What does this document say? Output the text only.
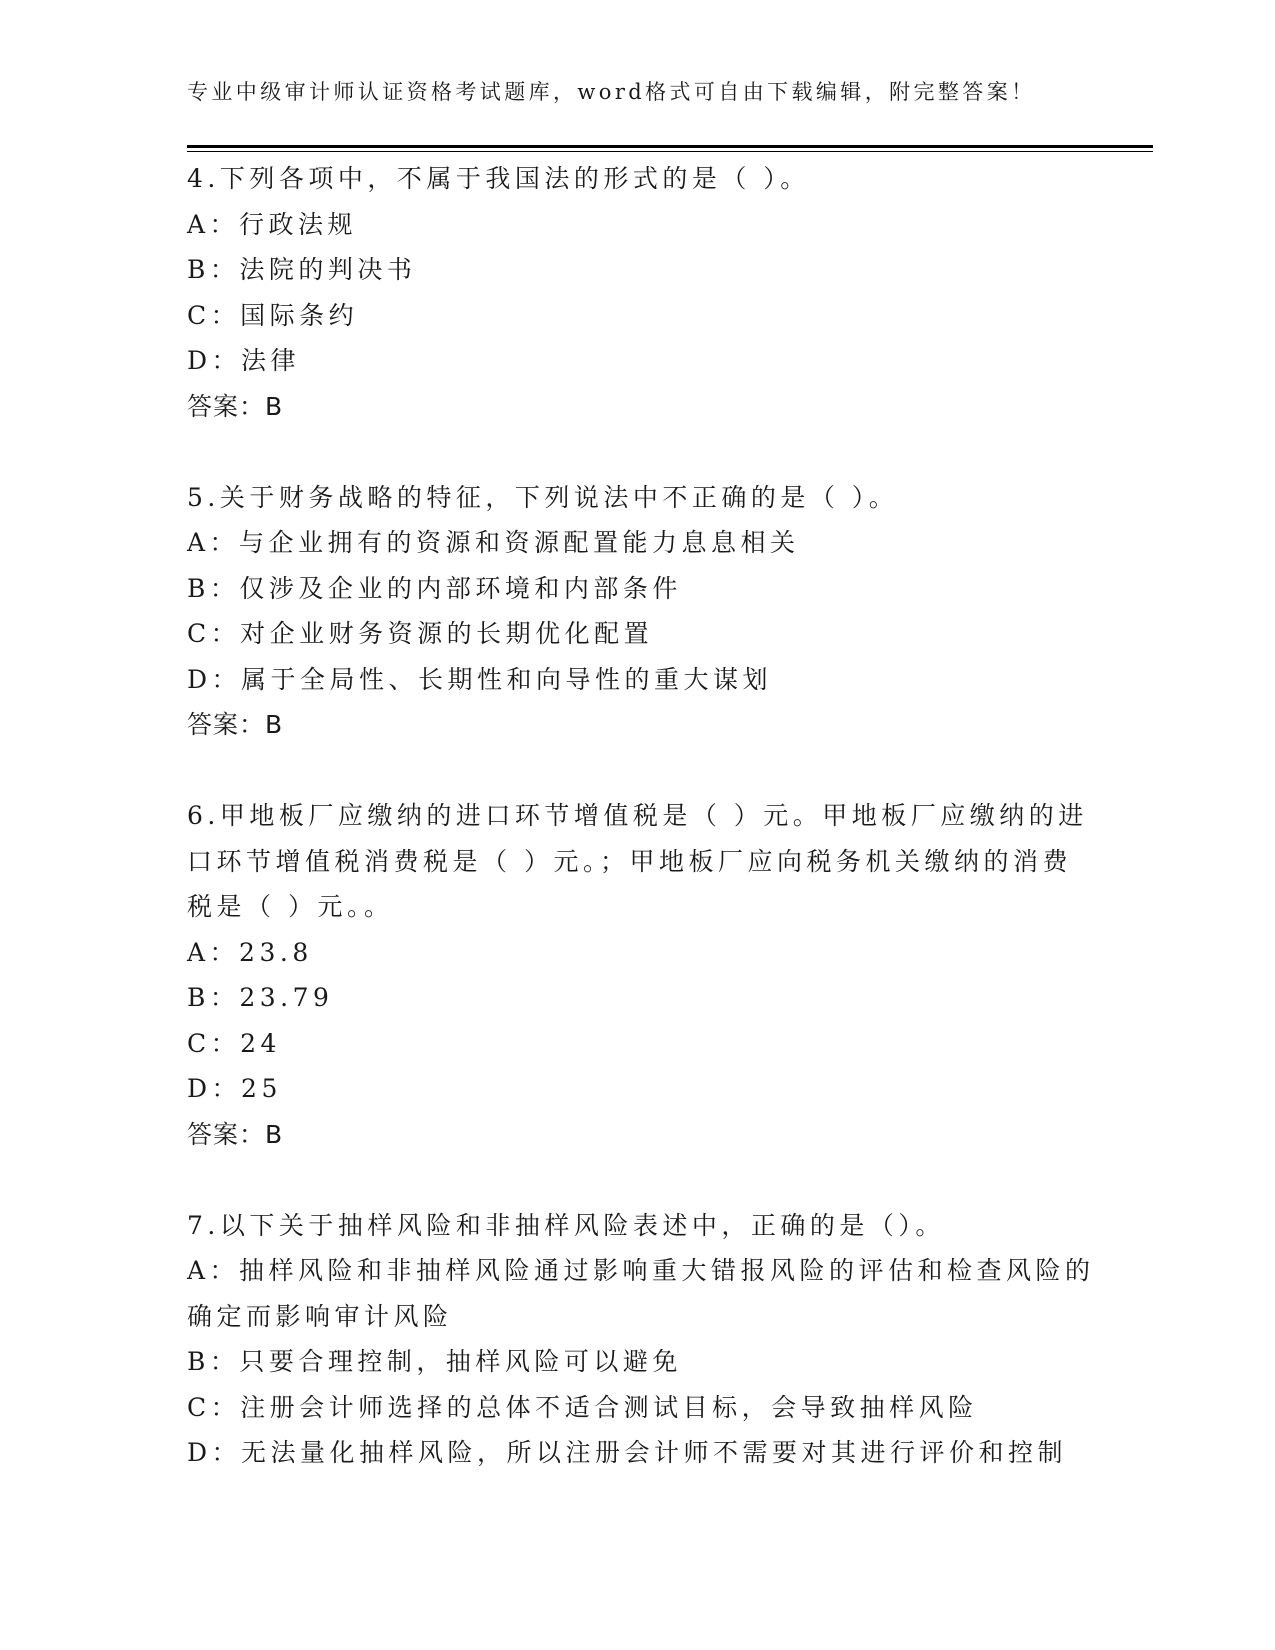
专业中级审计师认证资格考试题库，word格式可自由下载编辑，附完整答案！
4.下列各项中，不属于我国法的形式的是（ ）。
A：行政法规
B：法院的判决书
C：国际条约
D：法律
答案：B
5.关于财务战略的特征，下列说法中不正确的是（ ）。
A：与企业拥有的资源和资源配置能力息息相关
B：仅涉及企业的内部环境和内部条件
C：对企业财务资源的长期优化配置
D：属于全局性、长期性和向导性的重大谋划
答案：B
6.甲地板厂应缴纳的进口环节增值税是（ ）元。甲地板厂应缴纳的进
口环节增值税消费税是（ ）元。；甲地板厂应向税务机关缴纳的消费
税是（ ）元。。
A：23.8
B：23.79
C：24
D：25
答案：B
7.以下关于抽样风险和非抽样风险表述中，正确的是（）。
A：抽样风险和非抽样风险通过影响重大错报风险的评估和检查风险的
确定而影响审计风险
B：只要合理控制，抽样风险可以避免
C：注册会计师选择的总体不适合测试目标，会导致抽样风险
D：无法量化抽样风险，所以注册会计师不需要对其进行评价和控制
